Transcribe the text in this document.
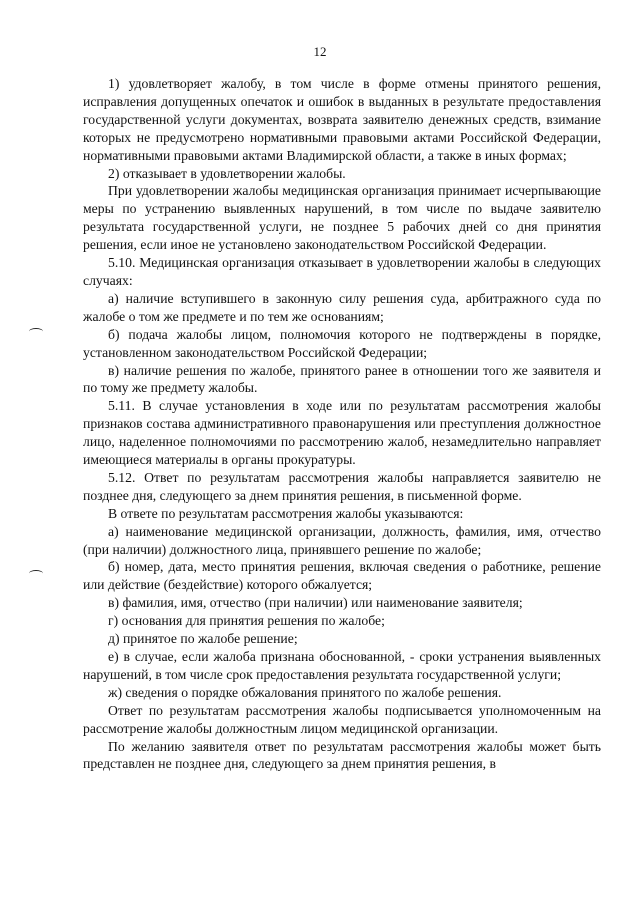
12

1) удовлетворяет жалобу, в том числе в форме отмены принятого решения, исправления допущенных опечаток и ошибок в выданных в результате предоставления государственной услуги документах, возврата заявителю денежных средств, взимание которых не предусмотрено нормативными правовыми актами Российской Федерации, нормативными правовыми актами Владимирской области, а также в иных формах;

2) отказывает в удовлетворении жалобы.

При удовлетворении жалобы медицинская организация принимает исчерпывающие меры по устранению выявленных нарушений, в том числе по выдаче заявителю результата государственной услуги, не позднее 5 рабочих дней со дня принятия решения, если иное не установлено законодательством Российской Федерации.

5.10. Медицинская организация отказывает в удовлетворении жалобы в следующих случаях:

а) наличие вступившего в законную силу решения суда, арбитражного суда по жалобе о том же предмете и по тем же основаниям;

б) подача жалобы лицом, полномочия которого не подтверждены в порядке, установленном законодательством Российской Федерации;

в) наличие решения по жалобе, принятого ранее в отношении того же заявителя и по тому же предмету жалобы.

5.11. В случае установления в ходе или по результатам рассмотрения жалобы признаков состава административного правонарушения или преступления должностное лицо, наделенное полномочиями по рассмотрению жалоб, незамедлительно направляет имеющиеся материалы в органы прокуратуры.

5.12. Ответ по результатам рассмотрения жалобы направляется заявителю не позднее дня, следующего за днем принятия решения, в письменной форме.

В ответе по результатам рассмотрения жалобы указываются:

а) наименование медицинской организации, должность, фамилия, имя, отчество (при наличии) должностного лица, принявшего решение по жалобе;

б) номер, дата, место принятия решения, включая сведения о работнике, решение или действие (бездействие) которого обжалуется;

в) фамилия, имя, отчество (при наличии) или наименование заявителя;

г) основания для принятия решения по жалобе;

д) принятое по жалобе решение;

е) в случае, если жалоба признана обоснованной, - сроки устранения выявленных нарушений, в том числе срок предоставления результата государственной услуги;

ж) сведения о порядке обжалования принятого по жалобе решения.

Ответ по результатам рассмотрения жалобы подписывается уполномоченным на рассмотрение жалобы должностным лицом медицинской организации.

По желанию заявителя ответ по результатам рассмотрения жалобы может быть представлен не позднее дня, следующего за днем принятия решения, в
